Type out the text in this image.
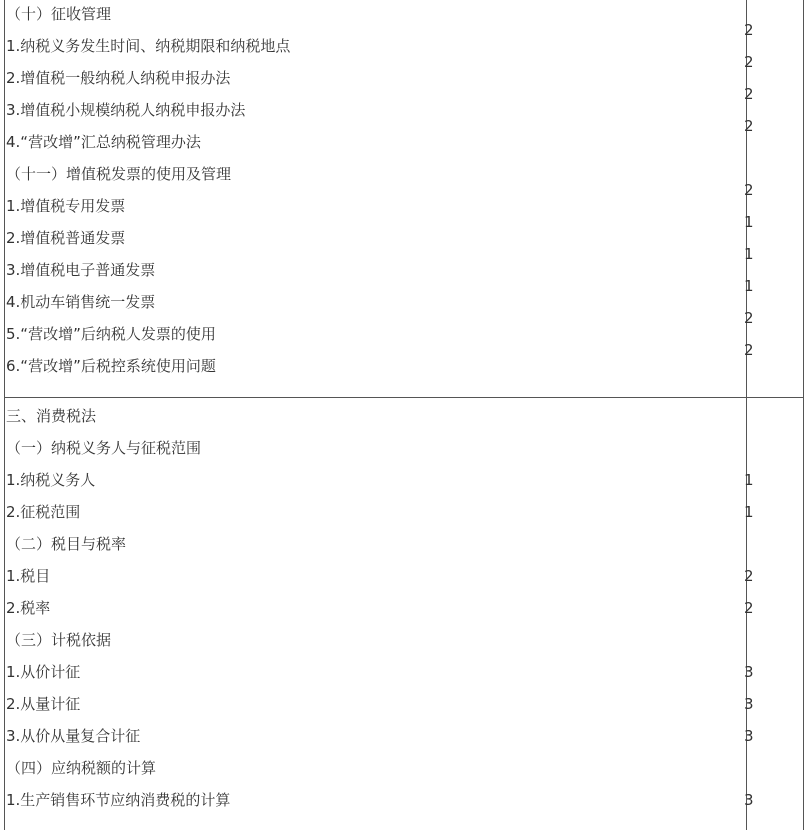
（十）征收管理
1.纳税义务发生时间、纳税期限和纳税地点
2.增值税一般纳税人纳税申报办法
3.增值税小规模纳税人纳税申报办法
4.“营改增”汇总纳税管理办法
（十一）增值税发票的使用及管理
1.增值税专用发票
2.增值税普通发票
3.增值税电子普通发票
4.机动车销售统一发票
5.“营改增”后纳税人发票的使用
6.“营改增”后税控系统使用问题
2
2
2
2
2
1
1
1
2
2
三、消费税法
（一）纳税义务人与征税范围
1.纳税义务人
2.征税范围
（二）税目与税率
1.税目
2.税率
（三）计税依据
1.从价计征
2.从量计征
3.从价从量复合计征
（四）应纳税额的计算
1.生产销售环节应纳消费税的计算
1
1
2
2
3
3
3
3
